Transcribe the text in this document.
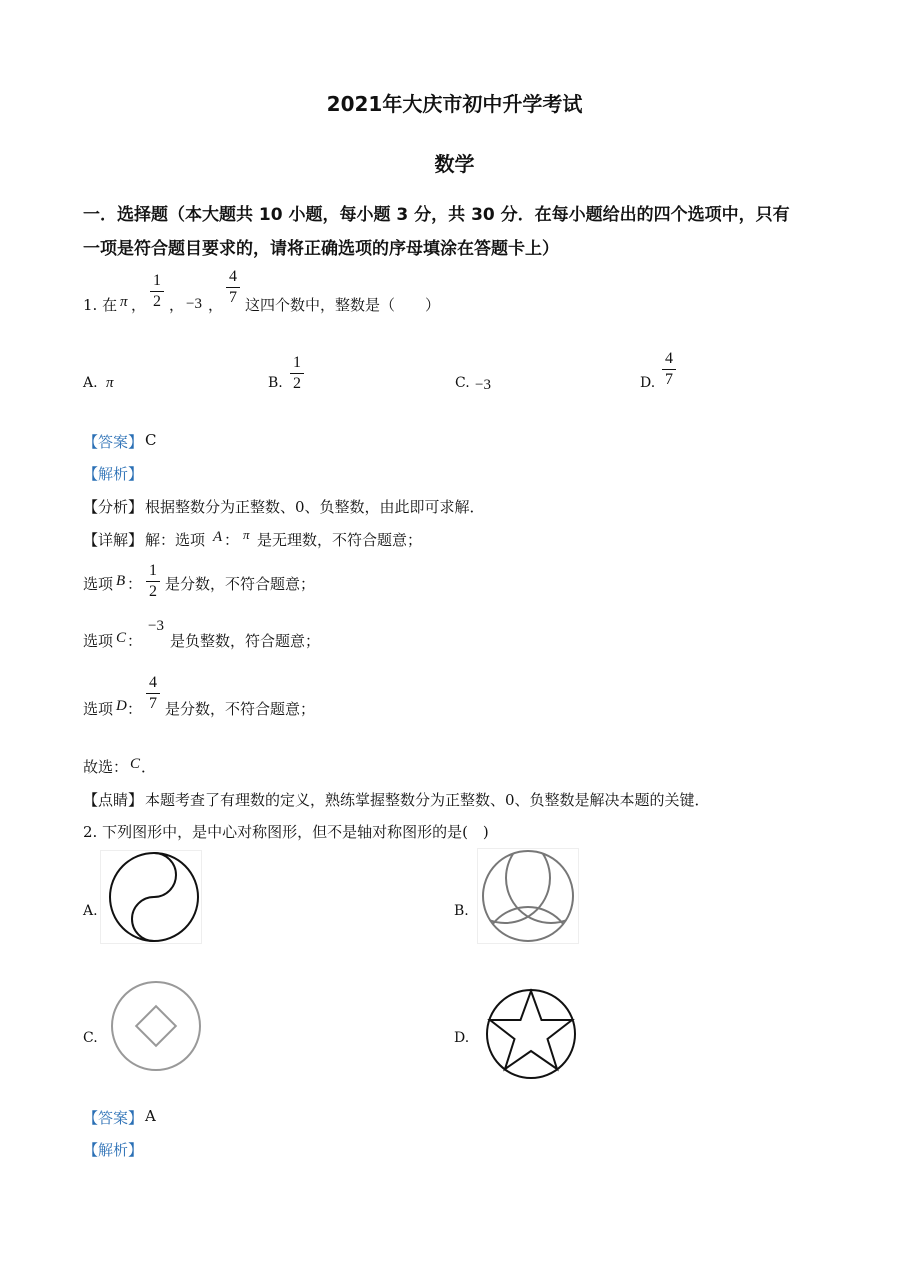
2021年大庆市初中升学考试
数学
一．选择题（本大题共 10 小题，每小题 3 分，共 30 分．在每小题给出的四个选项中，只有
一项是符合题目要求的，请将正确选项的序母填涂在答题卡上）
1. 在 π ，
1
2 ， −3 ，
4
7 这四个数中，整数是（　　）
A. π	B.
1
2	C. −3	D.
4
7
【答案】 C
【解析】
【分析】 根据整数分为正整数、0、负整数，由此即可求解．
【详解】 解：选项 A ： π 是无理数，不符合题意；
选项 B ：
1
2 是分数，不符合题意；
选项 C ：
−3
是负整数，符合题意；
选项 D ：
4
7 是分数，不符合题意；
故选： C ．
【点睛】 本题考查了有理数的定义，熟练掌握整数分为正整数、0、负整数是解决本题的关键．
2. 下列图形中，是中心对称图形，但不是轴对称图形的是(　)
A.	B.
C.	D.
【答案】 A
【解析】
